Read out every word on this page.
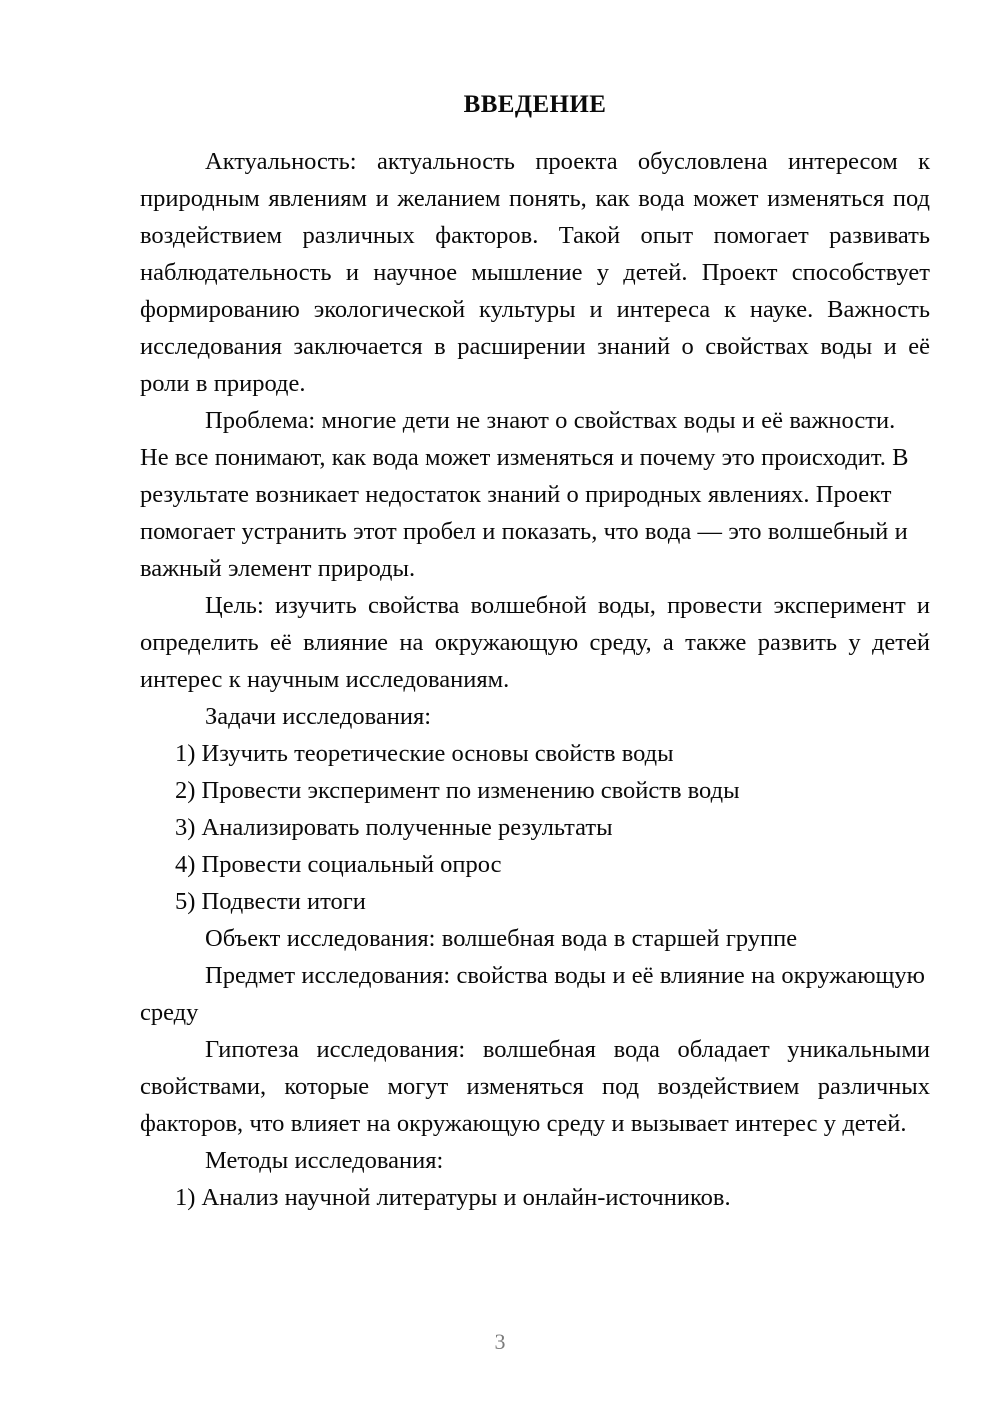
ВВЕДЕНИЕ

Актуальность: актуальность проекта обусловлена интересом к природным явлениям и желанием понять, как вода может изменяться под воздействием различных факторов. Такой опыт помогает развивать наблюдательность и научное мышление у детей. Проект способствует формированию экологической культуры и интереса к науке. Важность исследования заключается в расширении знаний о свойствах воды и её роли в природе.

Проблема: многие дети не знают о свойствах воды и её важности. Не все понимают, как вода может изменяться и почему это происходит. В результате возникает недостаток знаний о природных явлениях. Проект помогает устранить этот пробел и показать, что вода — это волшебный и важный элемент природы.

Цель: изучить свойства волшебной воды, провести эксперимент и определить её влияние на окружающую среду, а также развить у детей интерес к научным исследованиям.

Задачи исследования:

1) Изучить теоретические основы свойств воды

2) Провести эксперимент по изменению свойств воды

3) Анализировать полученные результаты

4) Провести социальный опрос

5) Подвести итоги

Объект исследования: волшебная вода в старшей группе

Предмет исследования: свойства воды и её влияние на окружающую среду

Гипотеза исследования: волшебная вода обладает уникальными свойствами, которые могут изменяться под воздействием различных факторов, что влияет на окружающую среду и вызывает интерес у детей.

Методы исследования:

1) Анализ научной литературы и онлайн-источников.

3
